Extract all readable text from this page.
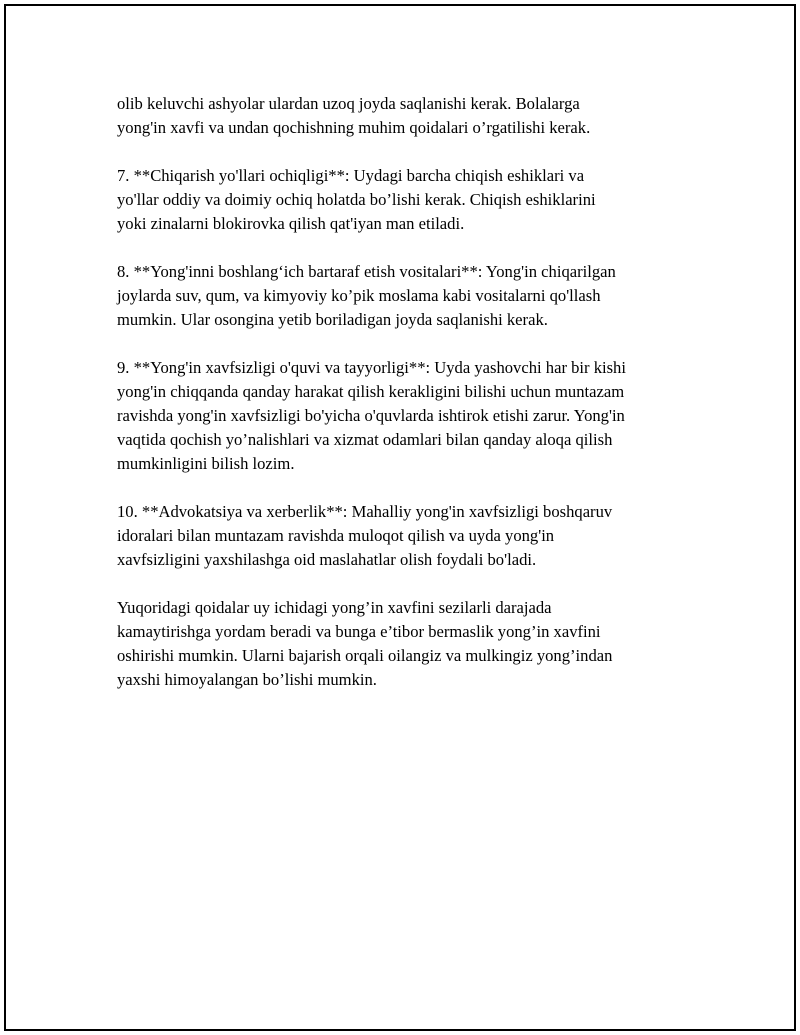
olib keluvchi ashyolar ulardan uzoq joyda saqlanishi kerak. Bolalarga
yong'in xavfi va undan qochishning muhim qoidalari o’rgatilishi kerak.

7. **Chiqarish yo'llari ochiqligi**: Uydagi barcha chiqish eshiklari va
yo'llar oddiy va doimiy ochiq holatda bo’lishi kerak. Chiqish eshiklarini
yoki zinalarni blokirovka qilish qat'iyan man etiladi.

8. **Yong'inni boshlang‘ich bartaraf etish vositalari**: Yong'in chiqarilgan
joylarda suv, qum, va kimyoviy ko’pik moslama kabi vositalarni qo'llash
mumkin. Ular osongina yetib boriladigan joyda saqlanishi kerak.

9. **Yong'in xavfsizligi o'quvi va tayyorligi**: Uyda yashovchi har bir kishi
yong'in chiqqanda qanday harakat qilish kerakligini bilishi uchun muntazam
ravishda yong'in xavfsizligi bo'yicha o'quvlarda ishtirok etishi zarur. Yong'in
vaqtida qochish yo’nalishlari va xizmat odamlari bilan qanday aloqa qilish
mumkinligini bilish lozim.

10. **Advokatsiya va xerberlik**: Mahalliy yong'in xavfsizligi boshqaruv
idoralari bilan muntazam ravishda muloqot qilish va uyda yong'in
xavfsizligini yaxshilashga oid maslahatlar olish foydali bo'ladi.

Yuqoridagi qoidalar uy ichidagi yong’in xavfini sezilarli darajada
kamaytirishga yordam beradi va bunga e’tibor bermaslik yong’in xavfini
oshirishi mumkin. Ularni bajarish orqali oilangiz va mulkingiz yong’indan
yaxshi himoyalangan bo’lishi mumkin.
